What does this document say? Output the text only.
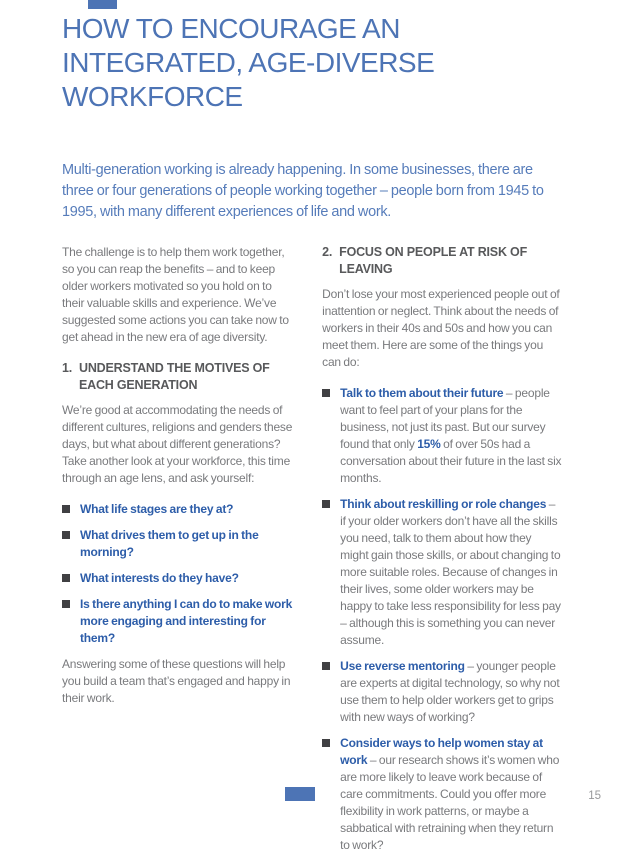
HOW TO ENCOURAGE AN INTEGRATED, AGE-DIVERSE WORKFORCE

Multi-generation working is already happening. In some businesses, there are three or four generations of people working together – people born from 1945 to 1995, with many different experiences of life and work.

The challenge is to help them work together, so you can reap the benefits – and to keep older workers motivated so you hold on to their valuable skills and experience. We’ve suggested some actions you can take now to get ahead in the new era of age diversity.

1. UNDERSTAND THE MOTIVES OF EACH GENERATION

We’re good at accommodating the needs of different cultures, religions and genders these days, but what about different generations? Take another look at your workforce, this time through an age lens, and ask yourself:

What life stages are they at?

What drives them to get up in the morning?

What interests do they have?

Is there anything I can do to make work more engaging and interesting for them?

Answering some of these questions will help you build a team that’s engaged and happy in their work.

2. FOCUS ON PEOPLE AT RISK OF LEAVING

Don’t lose your most experienced people out of inattention or neglect. Think about the needs of workers in their 40s and 50s and how you can meet them. Here are some of the things you can do:

Talk to them about their future – people want to feel part of your plans for the business, not just its past. But our survey found that only 15% of over 50s had a conversation about their future in the last six months.

Think about reskilling or role changes – if your older workers don’t have all the skills you need, talk to them about how they might gain those skills, or about changing to more suitable roles. Because of changes in their lives, some older workers may be happy to take less responsibility for less pay – although this is something you can never assume.

Use reverse mentoring – younger people are experts at digital technology, so why not use them to help older workers get to grips with new ways of working?

Consider ways to help women stay at work – our research shows it’s women who are more likely to leave work because of care commitments. Could you offer more flexibility in work patterns, or maybe a sabbatical with retraining when they return to work?

15
